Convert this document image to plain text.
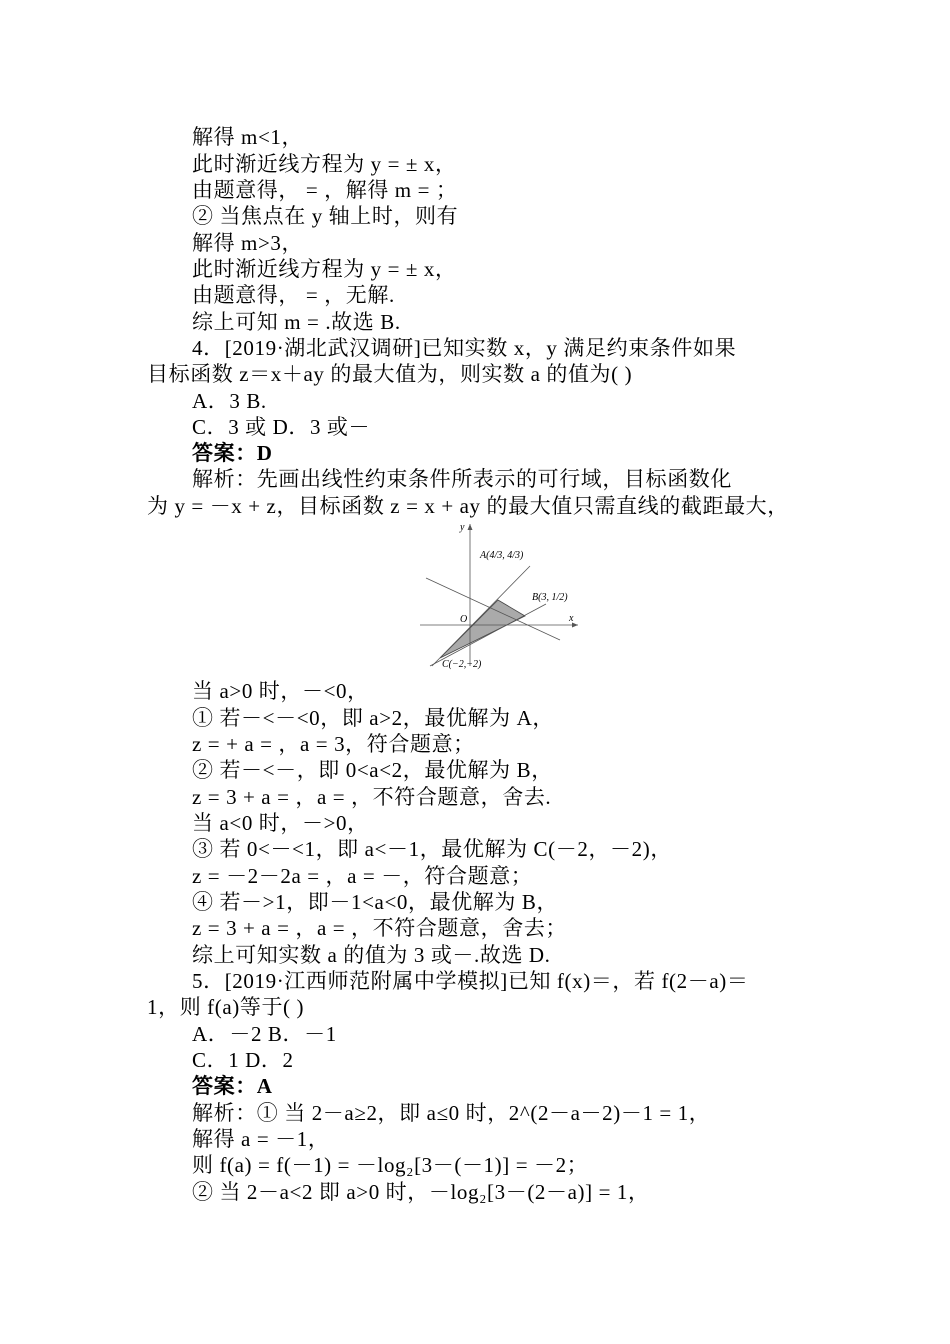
解得 m<1，
此时渐近线方程为 y = ± x，
由题意得， = ，解得 m = ；
② 当焦点在 y 轴上时，则有
解得 m>3，
此时渐近线方程为 y = ± x，
由题意得， = ，无解.
综上可知 m = .故选 B.
4．[2019·湖北武汉调研]已知实数 x，y 满足约束条件如果
目标函数 z＝x＋ay 的最大值为，则实数 a 的值为( )
A．3 B.
C．3 或 D．3 或－
答案：D
解析：先画出线性约束条件所表示的可行域，目标函数化
为 y = －x + z，目标函数 z = x + ay 的最大值只需直线的截距最大，
y
x
O
A(4/3, 4/3)
B(3, 1/2)
C(−2,−2)
当 a>0 时，－<0，
① 若－<－<0，即 a>2，最优解为 A，
z = + a = ，a = 3，符合题意；
② 若－<－，即 0<a<2，最优解为 B，
z = 3 + a = ，a = ，不符合题意，舍去.
当 a<0 时，－>0，
③ 若 0<－<1，即 a<－1，最优解为 C(－2，－2)，
z = －2－2a = ，a = －，符合题意；
④ 若－>1，即－1<a<0，最优解为 B，
z = 3 + a = ，a = ，不符合题意，舍去；
综上可知实数 a 的值为 3 或－.故选 D.
5．[2019·江西师范附属中学模拟]已知 f(x)＝，若 f(2－a)＝
1，则 f(a)等于( )
A．－2 B．－1
C．1 D．2
答案：A
解析：① 当 2－a≥2，即 a≤0 时，2^(2－a－2)－1 = 1，
解得 a = －1，
则 f(a) = f(－1) = －log₂[3－(－1)] = －2；
② 当 2－a<2 即 a>0 时，－log₂[3－(2－a)] = 1，
